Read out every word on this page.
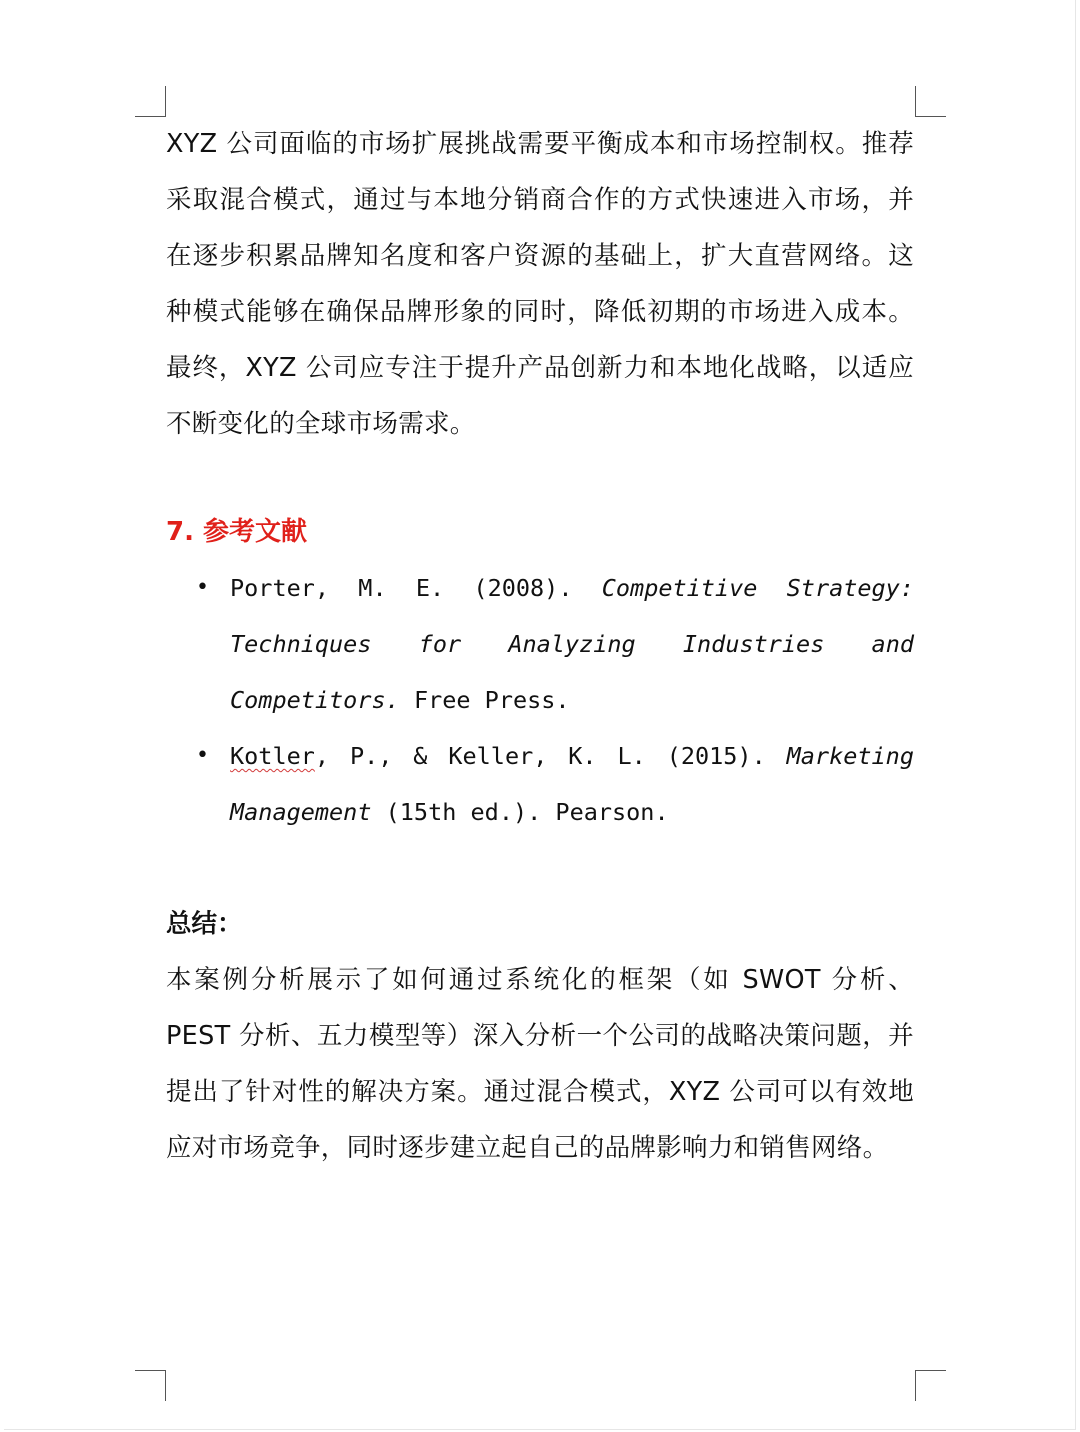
XYZ 公司面临的市场扩展挑战需要平衡成本和市场控制权。推荐采取混合模式，通过与本地分销商合作的方式快速进入市场，并在逐步积累品牌知名度和客户资源的基础上，扩大直营网络。这种模式能够在确保品牌形象的同时，降低初期的市场进入成本。最终，XYZ 公司应专注于提升产品创新力和本地化战略，以适应不断变化的全球市场需求。

7. 参考文献
• Porter, M. E. (2008). Competitive Strategy: Techniques for Analyzing Industries and Competitors. Free Press.
• Kotler, P., & Keller, K. L. (2015). Marketing Management (15th ed.). Pearson.
总结：

本案例分析展示了如何通过系统化的框架（如 SWOT 分析、PEST 分析、五力模型等）深入分析一个公司的战略决策问题，并提出了针对性的解决方案。通过混合模式，XYZ 公司可以有效地应对市场竞争，同时逐步建立起自己的品牌影响力和销售网络。
